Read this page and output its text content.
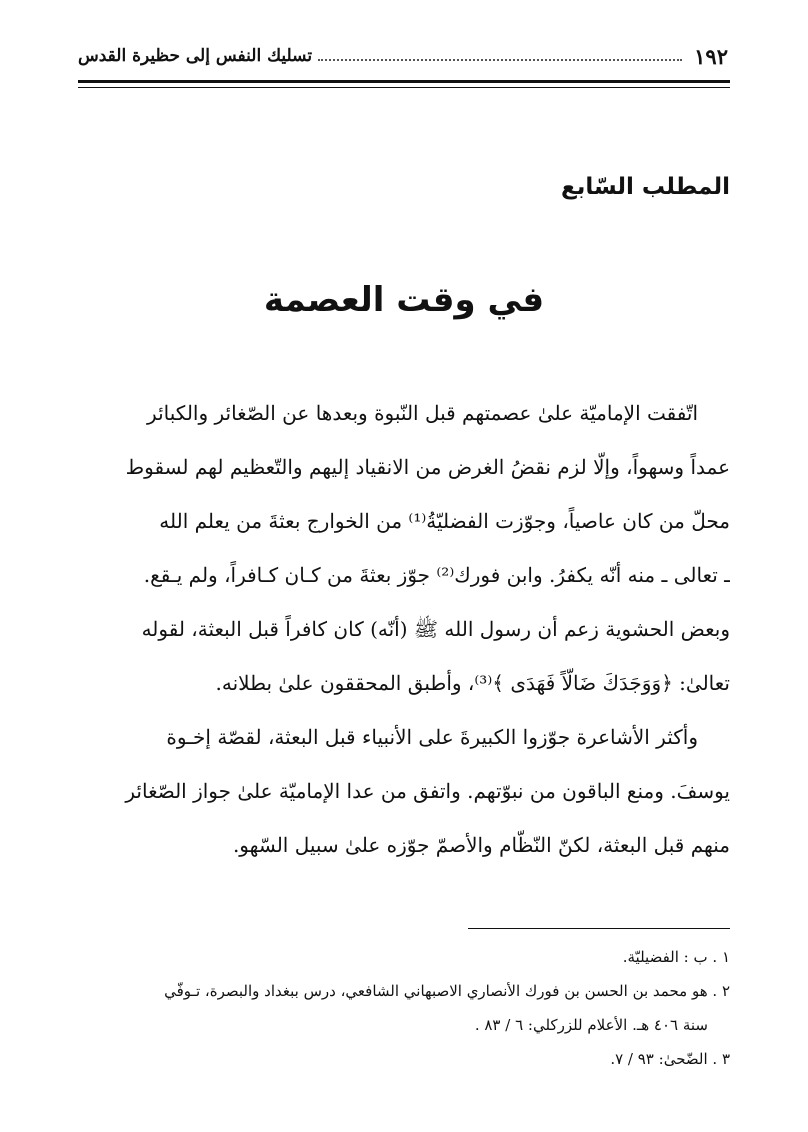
١٩٢
تسليك النفس إلى حظيرة القدس
المطلب السّابع
في وقت العصمة
اتّفقت الإماميّة علىٰ عصمتهم قبل النّبوة وبعدها عن الصّغائر والكبائر
عمداً وسهواً، وإلّا لزم نقضُ الغرض من الانقياد إليهم والتّعظيم لهم لسقوط
محلّ من كان عاصياً، وجوّزت الفضليّةُ⁽¹⁾ من الخوارج بعثةَ من يعلم الله
ـ تعالى ـ منه أنّه يكفرُ. وابن فورك⁽²⁾ جوّز بعثةَ من كـان كـافراً، ولم يـقع.
وبعض الحشوية زعم أن رسول الله ﷺ (أنّه) كان كافراً قبل البعثة، لقوله
تعالىٰ: ﴿وَوَجَدَكَ ضَالّاً فَهَدَى ﴾⁽³⁾، وأطبق المحققون علىٰ بطلانه.
وأكثر الأشاعرة جوّزوا الكبيرةَ على الأنبياء قبل البعثة، لقصّة إخـوة
يوسفَ. ومنع الباقون من نبوّتهم. واتفق من عدا الإماميّة علىٰ جواز الصّغائر
منهم قبل البعثة، لكنّ النّظّام والأصمّ جوّزه علىٰ سبيل السّهو.
١ . ب : الفضيليّة.
٢ . هو محمد بن الحسن بن فورك الأنصاري الاصبهاني الشافعي، درس ببغداد والبصرة، تـوفّي
سنة ٤٠٦ هـ. الأعلام للزركلي: ٦ / ٨٣ .
٣ . الضّحىٰ: ٩٣ / ٧.
